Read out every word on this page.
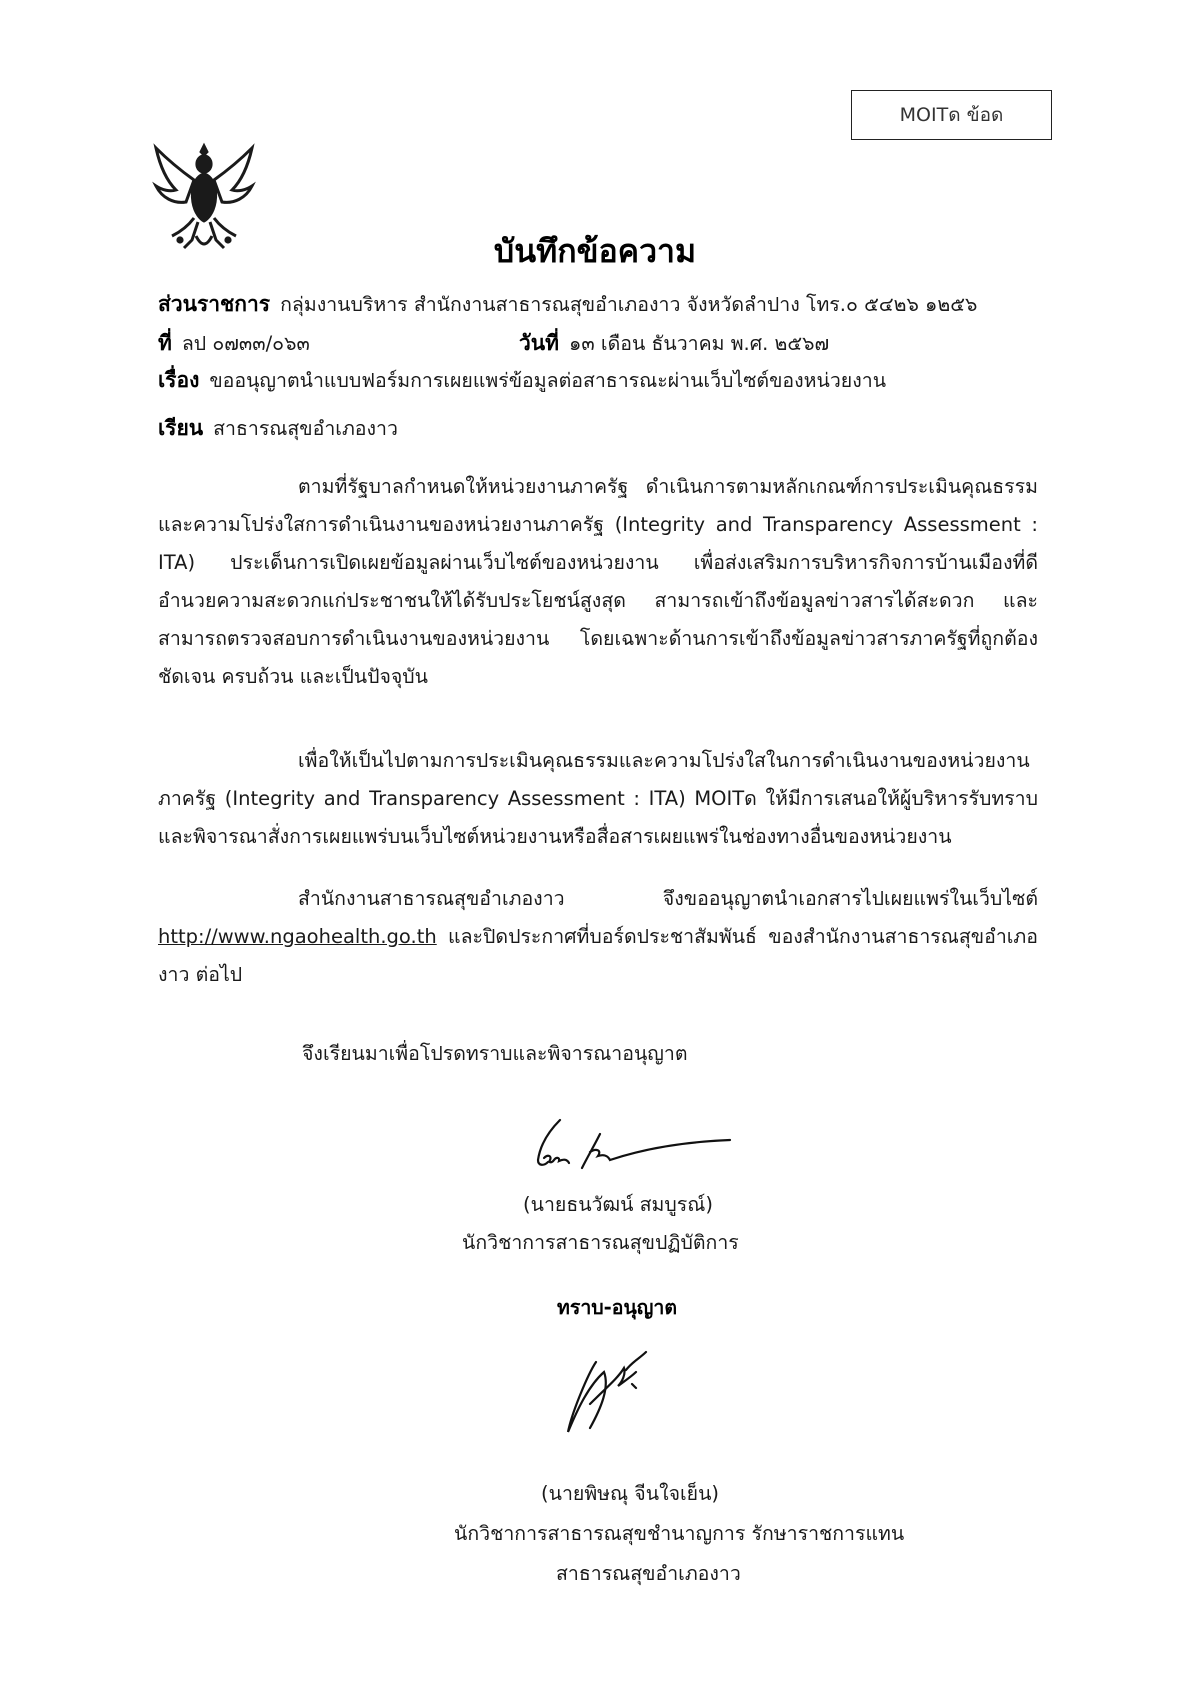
MOITด ข้อด
บันทึกข้อความ
ส่วนราชการ กลุ่มงานบริหาร สำนักงานสาธารณสุขอำเภองาว จังหวัดลำปาง โทร.๐ ๕๔๒๖ ๑๒๕๖
ที่ ลป ๐๗๓๓/๐๖๓	วันที่ ๑๓ เดือน ธันวาคม พ.ศ. ๒๕๖๗
เรื่อง ขออนุญาตนำแบบฟอร์มการเผยแพร่ข้อมูลต่อสาธารณะผ่านเว็บไซต์ของหน่วยงาน
เรียน สาธารณสุขอำเภองาว
ตามที่รัฐบาลกำหนดให้หน่วยงานภาครัฐ ดำเนินการตามหลักเกณฑ์การประเมินคุณธรรมและความโปร่งใสการดำเนินงานของหน่วยงานภาครัฐ (Integrity and Transparency Assessment : ITA) ประเด็นการเปิดเผยข้อมูลผ่านเว็บไซต์ของหน่วยงาน เพื่อส่งเสริมการบริหารกิจการบ้านเมืองที่ดี อำนวยความสะดวกแก่ประชาชนให้ได้รับประโยชน์สูงสุด สามารถเข้าถึงข้อมูลข่าวสารได้สะดวก และสามารถตรวจสอบการดำเนินงานของหน่วยงาน โดยเฉพาะด้านการเข้าถึงข้อมูลข่าวสารภาครัฐที่ถูกต้อง ชัดเจน ครบถ้วน และเป็นปัจจุบัน
เพื่อให้เป็นไปตามการประเมินคุณธรรมและความโปร่งใสในการดำเนินงานของหน่วยงานภาครัฐ (Integrity and Transparency Assessment : ITA) MOITด ให้มีการเสนอให้ผู้บริหารรับทราบและพิจารณาสั่งการเผยแพร่บนเว็บไซต์หน่วยงานหรือสื่อสารเผยแพร่ในช่องทางอื่นของหน่วยงาน
สำนักงานสาธารณสุขอำเภองาว จึงขออนุญาตนำเอกสารไปเผยแพร่ในเว็บไซต์ http://www.ngaohealth.go.th และปิดประกาศที่บอร์ดประชาสัมพันธ์ ของสำนักงานสาธารณสุขอำเภองาว ต่อไป
จึงเรียนมาเพื่อโปรดทราบและพิจารณาอนุญาต
(นายธนวัฒน์ สมบูรณ์)
นักวิชาการสาธารณสุขปฏิบัติการ
ทราบ-อนุญาต
(นายพิษณุ จีนใจเย็น)
นักวิชาการสาธารณสุขชำนาญการ รักษาราชการแทน
สาธารณสุขอำเภองาว
